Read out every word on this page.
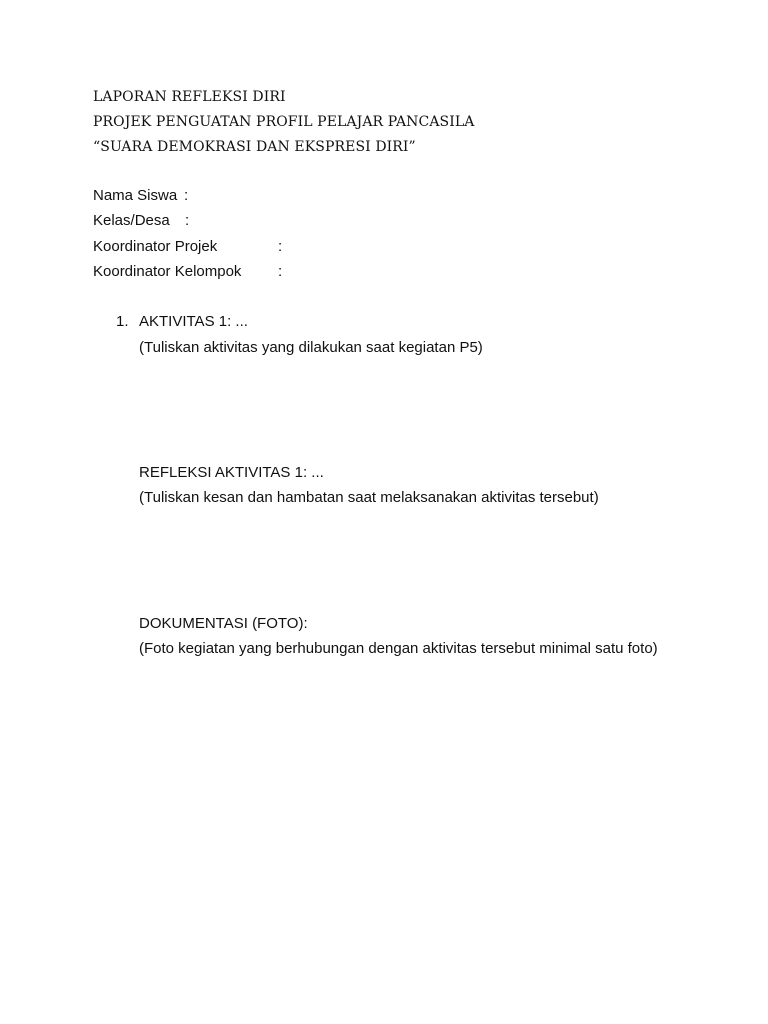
LAPORAN REFLEKSI DIRI
PROJEK PENGUATAN PROFIL PELAJAR PANCASILA
“SUARA DEMOKRASI DAN EKSPRESI DIRI”
Nama Siswa :
Kelas/Desa :
Koordinator Projek	:
Koordinator Kelompok :
1. AKTIVITAS 1: ...
(Tuliskan aktivitas yang dilakukan saat kegiatan P5)
REFLEKSI AKTIVITAS 1: ...
(Tuliskan kesan dan hambatan saat melaksanakan aktivitas tersebut)
DOKUMENTASI (FOTO):
(Foto kegiatan yang berhubungan dengan aktivitas tersebut minimal satu foto)
